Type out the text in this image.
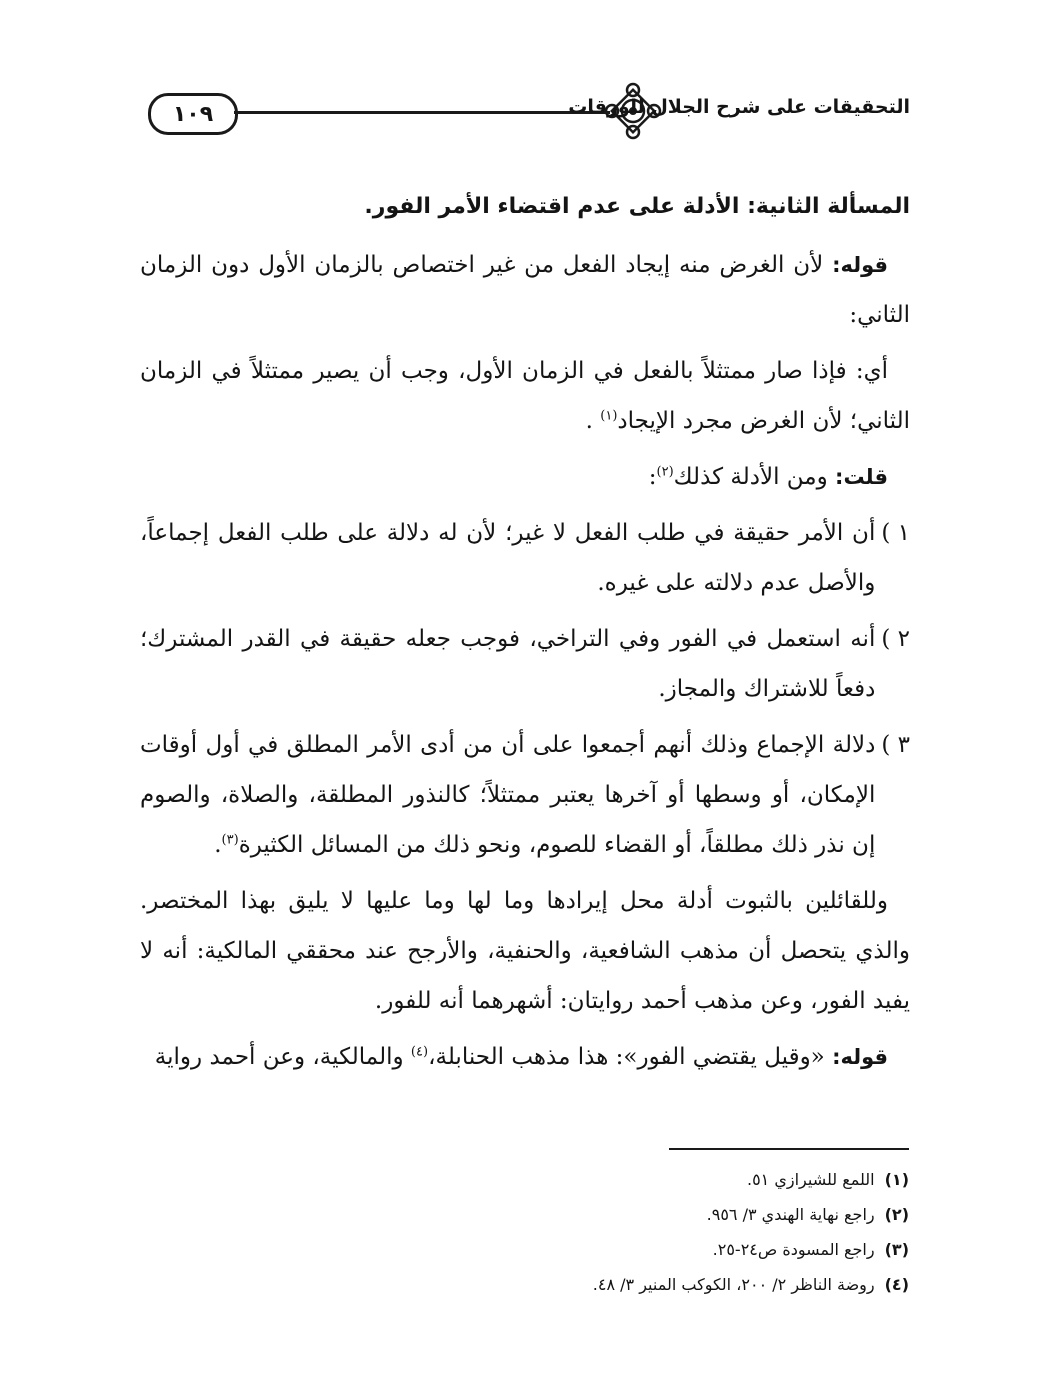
١٠٩	التحقيقات على شرح الجلال للورقات

المسألة الثانية: الأدلة على عدم اقتضاء الأمر الفور.

قوله: لأن الغرض منه إيجاد الفعل من غير اختصاص بالزمان الأول دون الزمان الثاني:

أي: فإذا صار ممتثلاً بالفعل في الزمان الأول، وجب أن يصير ممتثلاً في الزمان الثاني؛ لأن الغرض مجرد الإيجاد$^{(١)}$ .

قلت: ومن الأدلة كذلك$^{(٢)}$:

١ )
أن الأمر حقيقة في طلب الفعل لا غير؛ لأن له دلالة على طلب الفعل إجماعاً، والأصل عدم دلالته على غيره.

٢ )
أنه استعمل في الفور وفي التراخي، فوجب جعله حقيقة في القدر المشترك؛ دفعاً للاشتراك والمجاز.

٣ )
دلالة الإجماع وذلك أنهم أجمعوا على أن من أدى الأمر المطلق في أول أوقات الإمكان، أو وسطها أو آخرها يعتبر ممتثلاً؛ كالنذور المطلقة، والصلاة، والصوم إن نذر ذلك مطلقاً، أو القضاء للصوم، ونحو ذلك من المسائل الكثيرة$^{(٣)}$.

وللقائلين بالثبوت أدلة محل إيرادها وما لها وما عليها لا يليق بهذا المختصر. والذي يتحصل أن مذهب الشافعية، والحنفية، والأرجح عند محققي المالكية: أنه لا يفيد الفور، وعن مذهب أحمد روايتان: أشهرهما أنه للفور.

قوله: «وقيل يقتضي الفور»: هذا مذهب الحنابلة،$^{(٤)}$ والمالكية، وعن أحمد رواية

(١)اللمع للشيرازي ٥١.
(٢)راجع نهاية الهندي ٣/ ٩٥٦.
(٣)راجع المسودة ص٢٤-٢٥.
(٤)روضة الناظر ٢/ ٢٠٠، الكوكب المنير ٣/ ٤٨.
